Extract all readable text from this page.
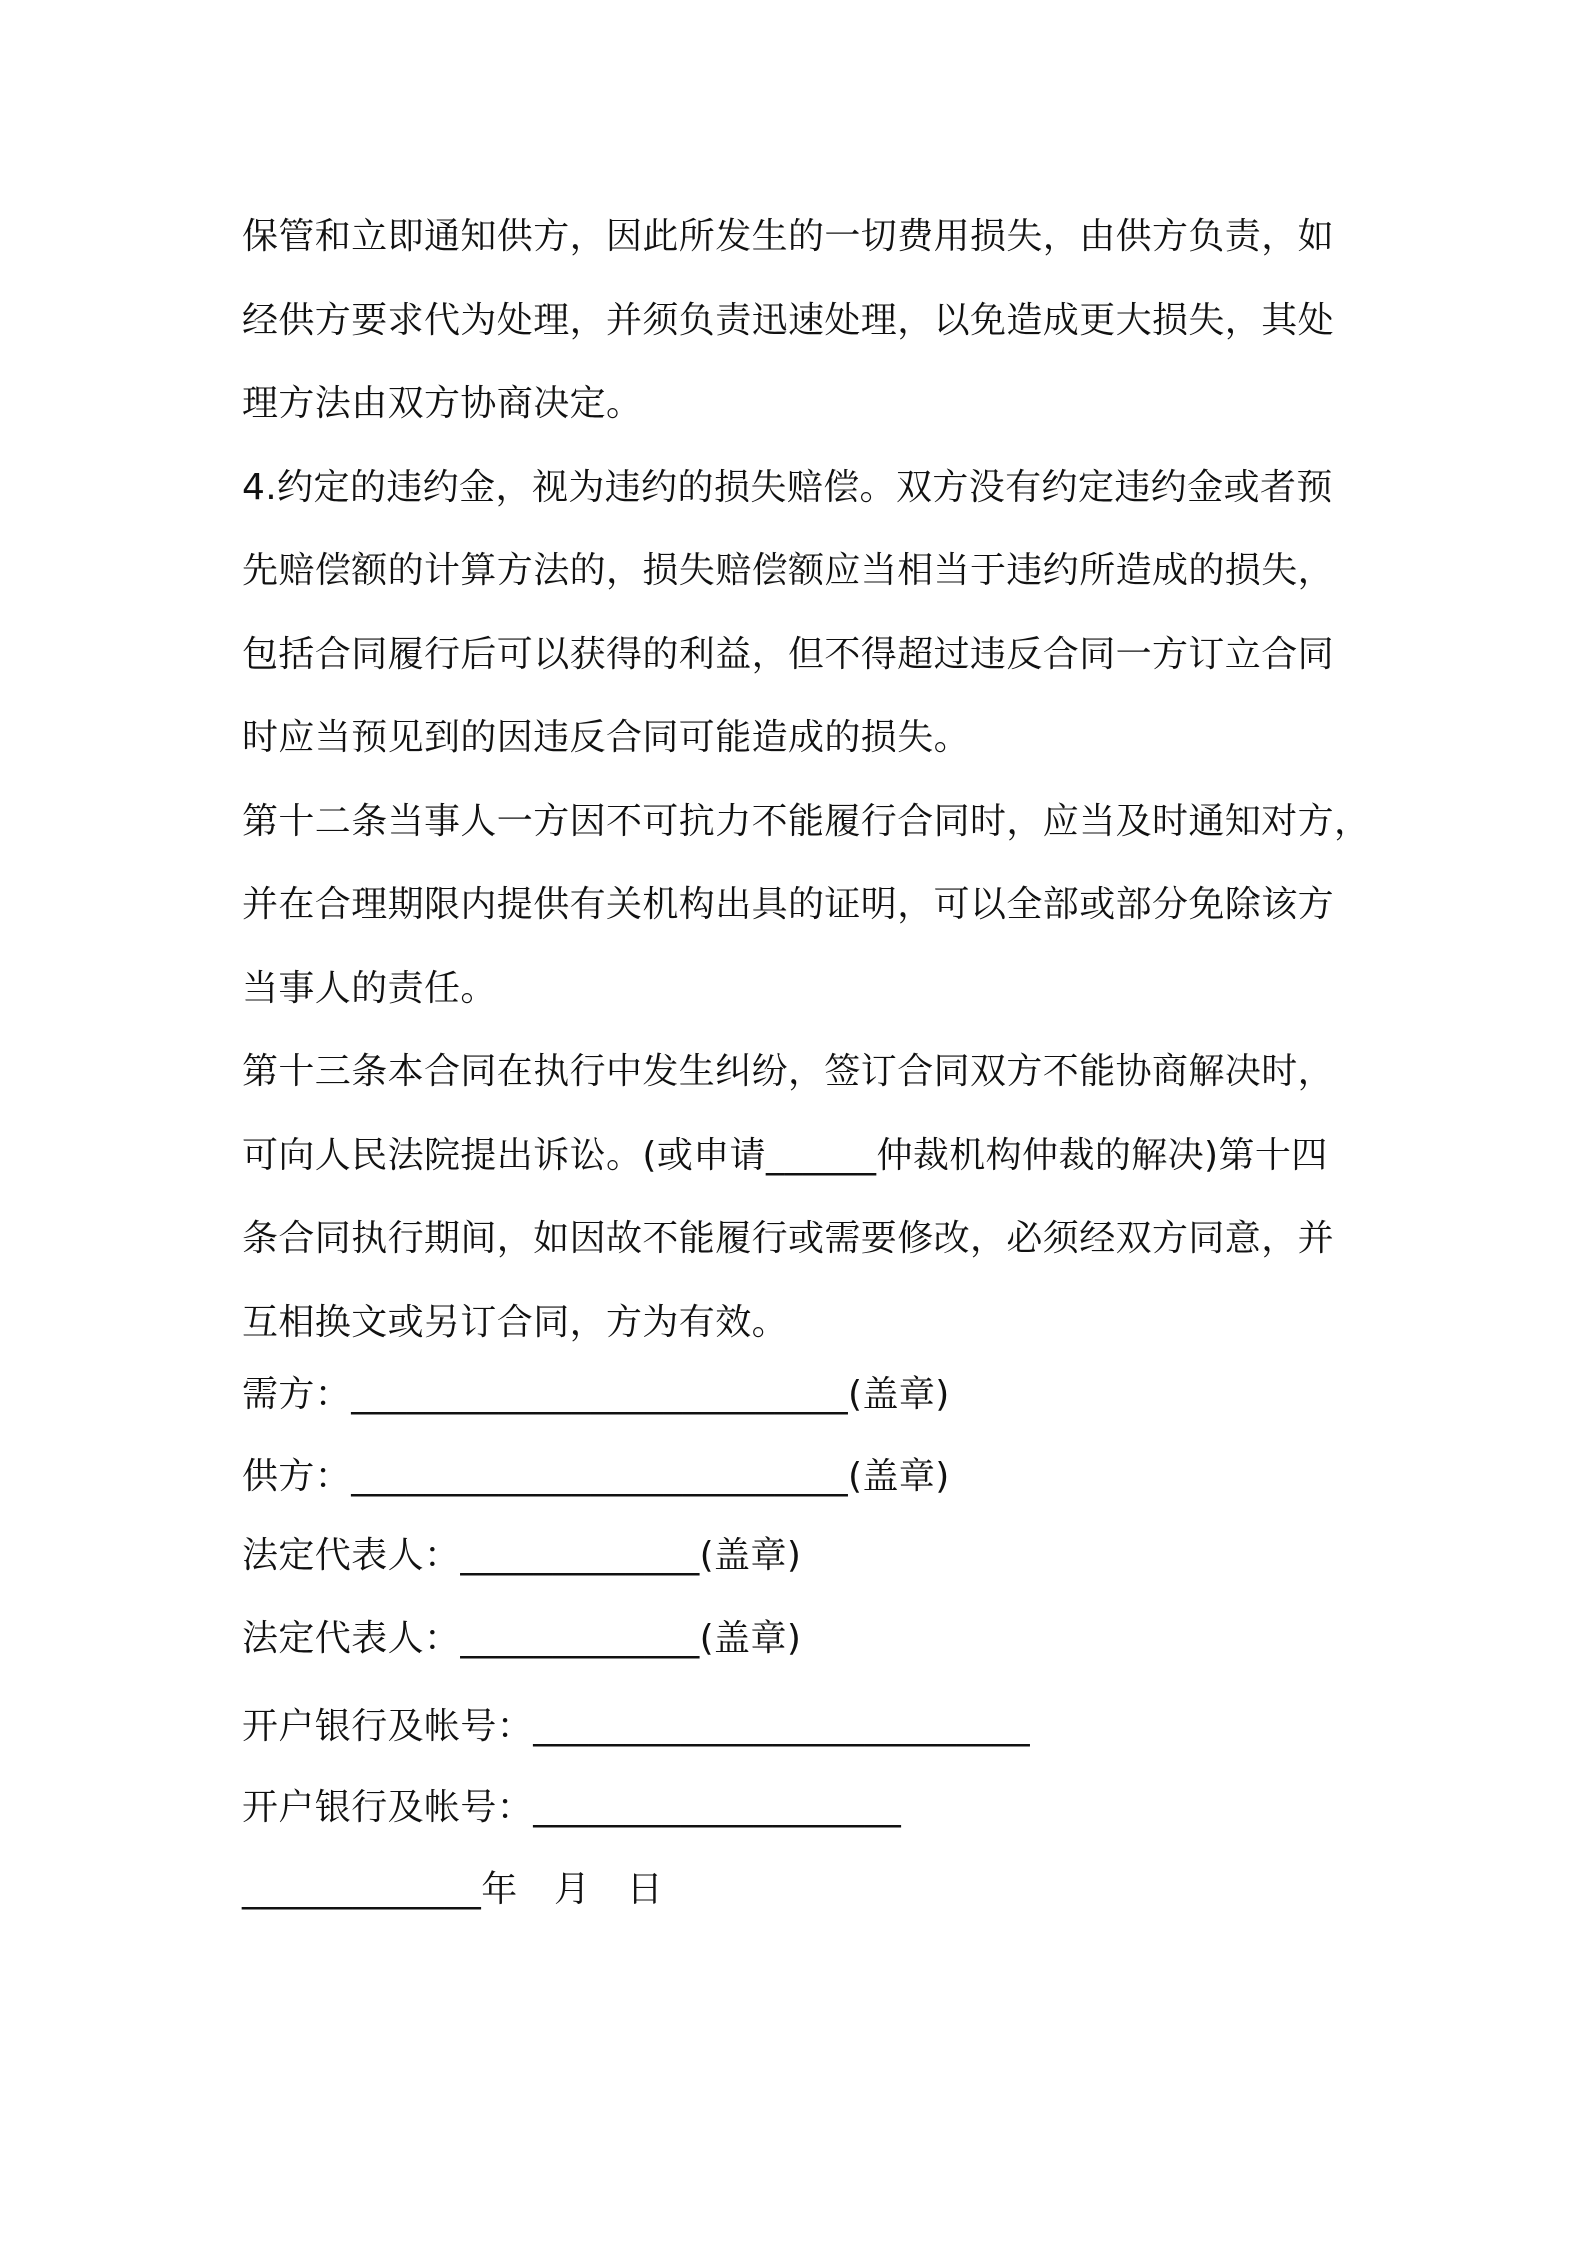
保管和立即通知供方，因此所发生的一切费用损失，由供方负责，如
经供方要求代为处理，并须负责迅速处理，以免造成更大损失，其处
理方法由双方协商决定。
4.约定的违约金，视为违约的损失赔偿。双方没有约定违约金或者预
先赔偿额的计算方法的，损失赔偿额应当相当于违约所造成的损失，
包括合同履行后可以获得的利益，但不得超过违反合同一方订立合同
时应当预见到的因违反合同可能造成的损失。
第十二条当事人一方因不可抗力不能履行合同时，应当及时通知对方，
并在合理期限内提供有关机构出具的证明，可以全部或部分免除该方
当事人的责任。
第十三条本合同在执行中发生纠纷，签订合同双方不能协商解决时，
可向人民法院提出诉讼。(或申请______仲裁机构仲裁的解决)第十四
条合同执行期间，如因故不能履行或需要修改，必须经双方同意，并
互相换文或另订合同，方为有效。
需方：___________________________(盖章)
供方：___________________________(盖章)
法定代表人：_____________(盖章)
法定代表人：_____________(盖章)
开户银行及帐号：___________________________
开户银行及帐号：____________________
_____________年　月　日
